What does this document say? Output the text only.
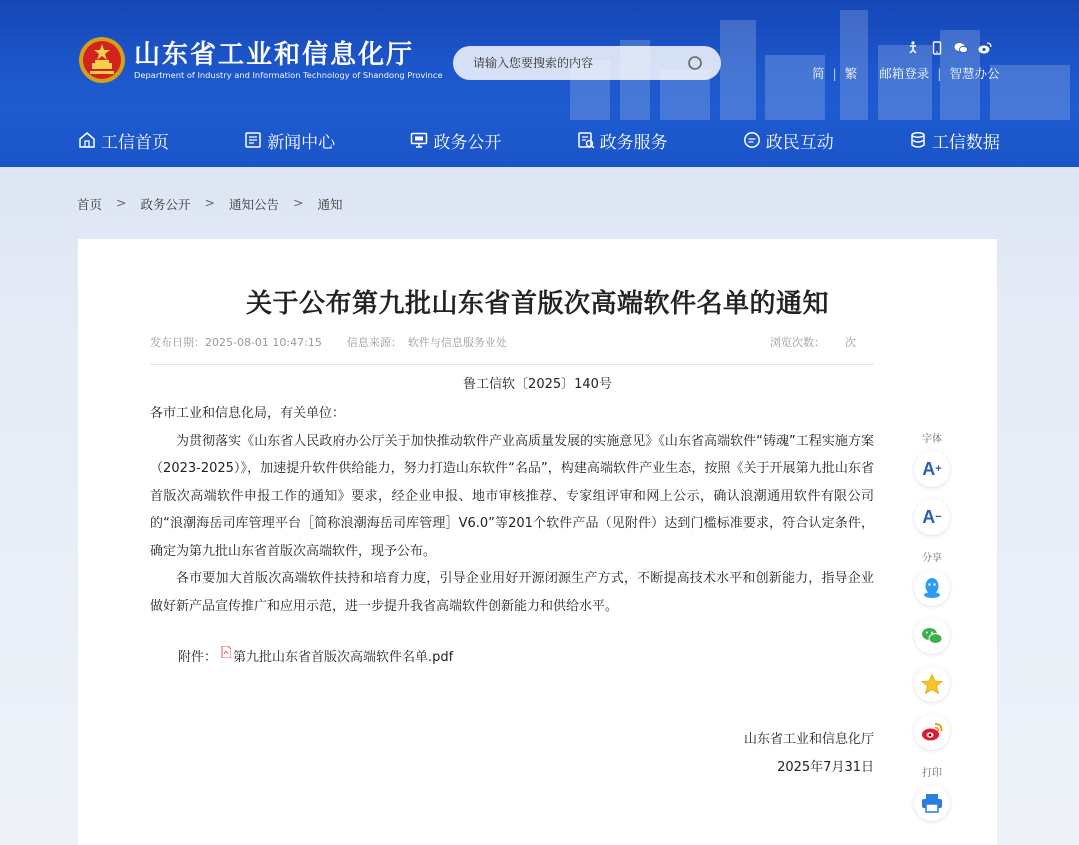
山东省工业和信息化厅
Department of Industry and Information Technology of Shandong Province
请输入您要搜索的内容	简 | 繁 邮箱登录 | 智慧办公
工信首页	新闻中心	政务公开	政务服务	政民互动	工信数据
首页 > 政务公开 > 通知公告 > 通知
关于公布第九批山东省首版次高端软件名单的通知
发布日期：2025-08-01 10:47:15 信息来源： 软件与信息服务业处	浏览次数： 次
鲁工信软〔2025〕140号

各市工业和信息化局，有关单位：

为贯彻落实《山东省人民政府办公厅关于加快推动软件产业高质量发展的实施意见》《山东省高端软件“铸魂”工程实施方案（2023-2025）》，加速提升软件供给能力，努力打造山东软件“名品”，构建高端软件产业生态，按照《关于开展第九批山东省首版次高端软件申报工作的通知》要求，经企业申报、地市审核推荐、专家组评审和网上公示，确认浪潮通用软件有限公司的“浪潮海岳司库管理平台［简称浪潮海岳司库管理］V6.0”等201个软件产品（见附件）达到门槛标准要求，符合认定条件，确定为第九批山东省首版次高端软件，现予公布。

各市要加大首版次高端软件扶持和培育力度，引导企业用好开源闭源生产方式，不断提高技术水平和创新能力，指导企业做好新产品宣传推广和应用示范，进一步提升我省高端软件创新能力和供给水平。

附件： 第九批山东省首版次高端软件名单.pdf
山东省工业和信息化厅
2025年7月31日
字体
A +
A −
分享
打印
